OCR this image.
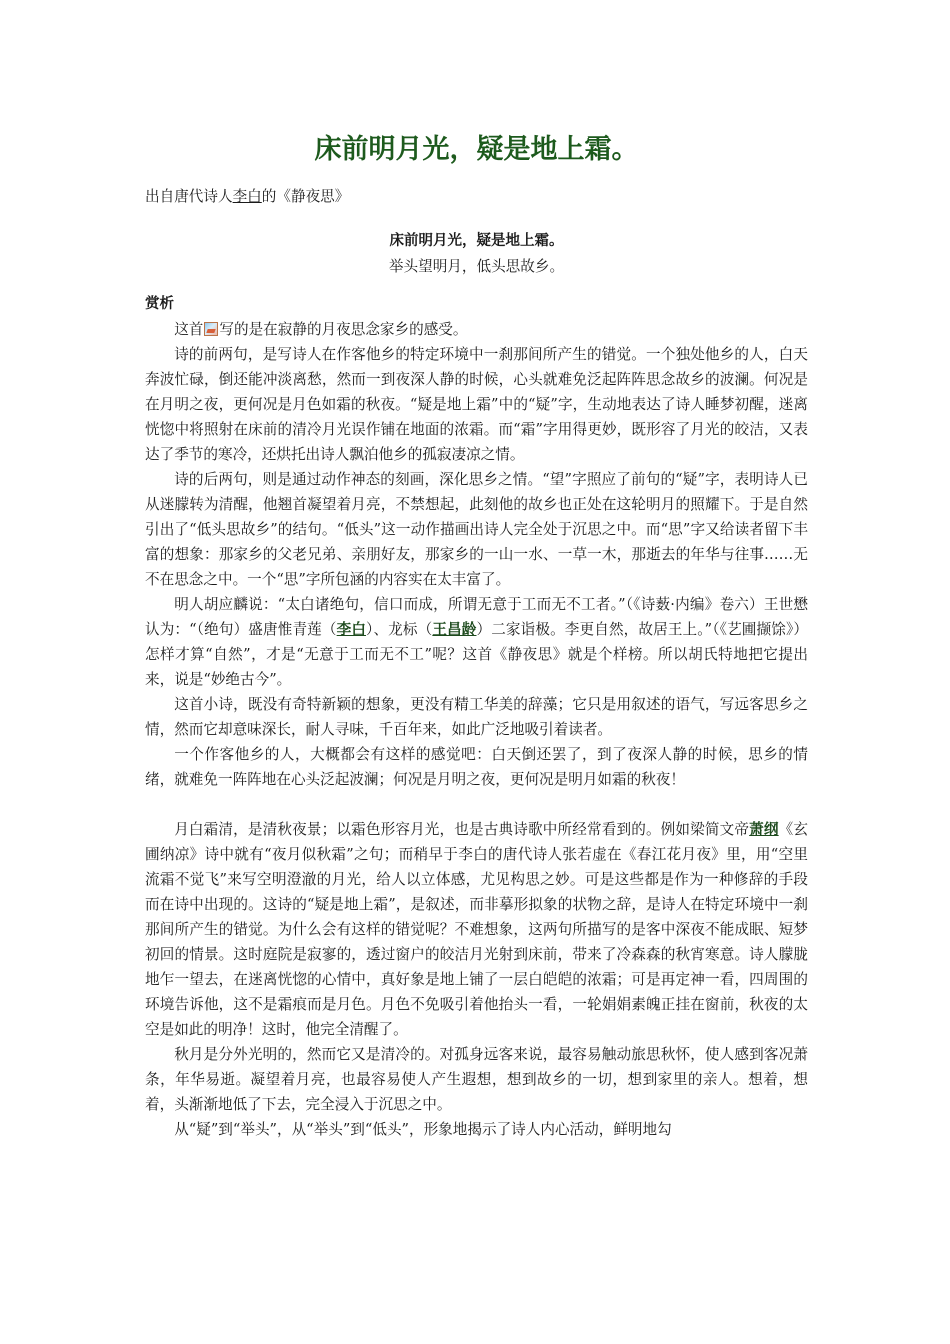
床前明月光，疑是地上霜。

出自唐代诗人李白的《静夜思》

床前明月光，疑是地上霜。
举头望明月，低头思故乡。
赏析

这首 写的是在寂静的月夜思念家乡的感受。

诗的前两句，是写诗人在作客他乡的特定环境中一刹那间所产生的错觉。一个独处他乡的人，白天奔波忙碌，倒还能冲淡离愁，然而一到夜深人静的时候，心头就难免泛起阵阵思念故乡的波澜。何况是在月明之夜，更何况是月色如霜的秋夜。“疑是地上霜”中的“疑”字，生动地表达了诗人睡梦初醒，迷离恍惚中将照射在床前的清冷月光误作铺在地面的浓霜。而“霜”字用得更妙，既形容了月光的皎洁，又表达了季节的寒冷，还烘托出诗人飘泊他乡的孤寂凄凉之情。

诗的后两句，则是通过动作神态的刻画，深化思乡之情。“望”字照应了前句的“疑”字，表明诗人已从迷朦转为清醒，他翘首凝望着月亮，不禁想起，此刻他的故乡也正处在这轮明月的照耀下。于是自然引出了“低头思故乡”的结句。“低头”这一动作描画出诗人完全处于沉思之中。而“思”字又给读者留下丰富的想象：那家乡的父老兄弟、亲朋好友，那家乡的一山一水、一草一木，那逝去的年华与往事……无不在思念之中。一个“思”字所包涵的内容实在太丰富了。

明人胡应麟说：“太白诸绝句，信口而成，所谓无意于工而无不工者。”（《诗薮·内编》卷六）王世懋认为：“（绝句）盛唐惟青莲（李白）、龙标（王昌龄）二家诣极。李更自然，故居王上。”（《艺圃撷馀》）怎样才算“自然”，才是“无意于工而无不工”呢？这首《静夜思》就是个样榜。所以胡氏特地把它提出来，说是“妙绝古今”。

这首小诗，既没有奇特新颖的想象，更没有精工华美的辞藻；它只是用叙述的语气，写远客思乡之情，然而它却意味深长，耐人寻味，千百年来，如此广泛地吸引着读者。

一个作客他乡的人，大概都会有这样的感觉吧：白天倒还罢了，到了夜深人静的时候，思乡的情绪，就难免一阵阵地在心头泛起波澜；何况是月明之夜，更何况是明月如霜的秋夜！

月白霜清，是清秋夜景；以霜色形容月光，也是古典诗歌中所经常看到的。例如梁简文帝萧纲《玄圃纳凉》诗中就有“夜月似秋霜”之句；而稍早于李白的唐代诗人张若虚在《春江花月夜》里，用“空里流霜不觉飞”来写空明澄澈的月光，给人以立体感，尤见构思之妙。可是这些都是作为一种修辞的手段而在诗中出现的。这诗的“疑是地上霜”，是叙述，而非摹形拟象的状物之辞，是诗人在特定环境中一刹那间所产生的错觉。为什么会有这样的错觉呢？不难想象，这两句所描写的是客中深夜不能成眠、短梦初回的情景。这时庭院是寂寥的，透过窗户的皎洁月光射到床前，带来了冷森森的秋宵寒意。诗人朦胧地乍一望去，在迷离恍惚的心情中，真好象是地上铺了一层白皑皑的浓霜；可是再定神一看，四周围的环境告诉他，这不是霜痕而是月色。月色不免吸引着他抬头一看，一轮娟娟素魄正挂在窗前，秋夜的太空是如此的明净！这时，他完全清醒了。

秋月是分外光明的，然而它又是清冷的。对孤身远客来说，最容易触动旅思秋怀，使人感到客况萧条，年华易逝。凝望着月亮，也最容易使人产生遐想，想到故乡的一切，想到家里的亲人。想着，想着，头渐渐地低了下去，完全浸入于沉思之中。

从“疑”到“举头”，从“举头”到“低头”，形象地揭示了诗人内心活动，鲜明地勾
